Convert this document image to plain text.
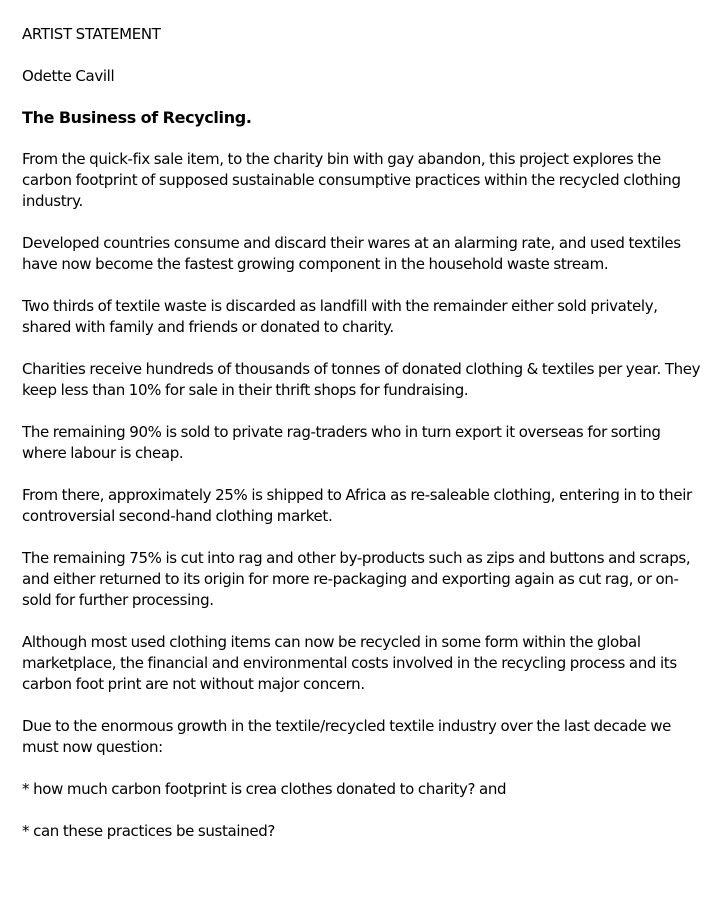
ARTIST STATEMENT

Odette Cavill

The Business of Recycling.

From the quick-fix sale item, to the charity bin with gay abandon, this project explores the carbon footprint of supposed sustainable consumptive practices within the recycled clothing industry.

Developed countries consume and discard their wares at an alarming rate, and used textiles have now become the fastest growing component in the household waste stream.

Two thirds of textile waste is discarded as landfill with the remainder either sold privately, shared with family and friends or donated to charity.

Charities receive hundreds of thousands of tonnes of donated clothing & textiles per year. They keep less than 10% for sale in their thrift shops for fundraising.

The remaining 90% is sold to private rag-traders who in turn export it overseas for sorting where labour is cheap.

From there, approximately 25% is shipped to Africa as re-saleable clothing, entering in to their controversial second-hand clothing market.

The remaining 75% is cut into rag and other by-products such as zips and buttons and scraps, and either returned to its origin for more re-packaging and exporting again as cut rag, or on-sold for further processing.

Although most used clothing items can now be recycled in some form within the global marketplace, the financial and environmental costs involved in the recycling process and its carbon foot print are not without major concern.

Due to the enormous growth in the textile/recycled textile industry over the last decade we must now question:

* how much carbon footprint is crea clothes donated to charity? and

* can these practices be sustained?
